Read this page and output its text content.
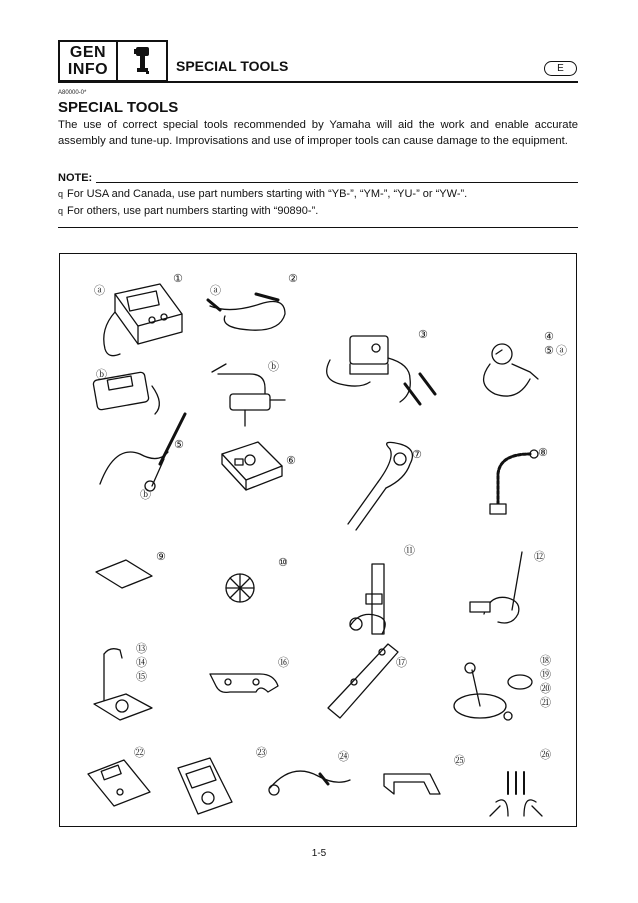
GEN
INFO	SPECIAL TOOLS	E
A80000-0*
SPECIAL TOOLS

The use of correct special tools recommended by Yamaha will aid the work and enable accurate assembly and tune-up. Improvisations and use of improper tools can cause damage to the equipment.

NOTE:
q For USA and Canada, use part numbers starting with “YB-”, “YM-”, “YU-” or “YW-”.
q For others, use part numbers starting with “90890-”.
①	②
③	④
⑤
⑤
⑥	⑦	⑧
⑨	⑩
⑪	⑫
⑬
⑭
⑮
⑯	⑰	⑱
⑲
⑳
㉑
㉒	㉓	㉔	㉕	㉖
ⓐ	ⓐ
ⓑ
ⓑ
ⓐ
ⓑ
1-5
